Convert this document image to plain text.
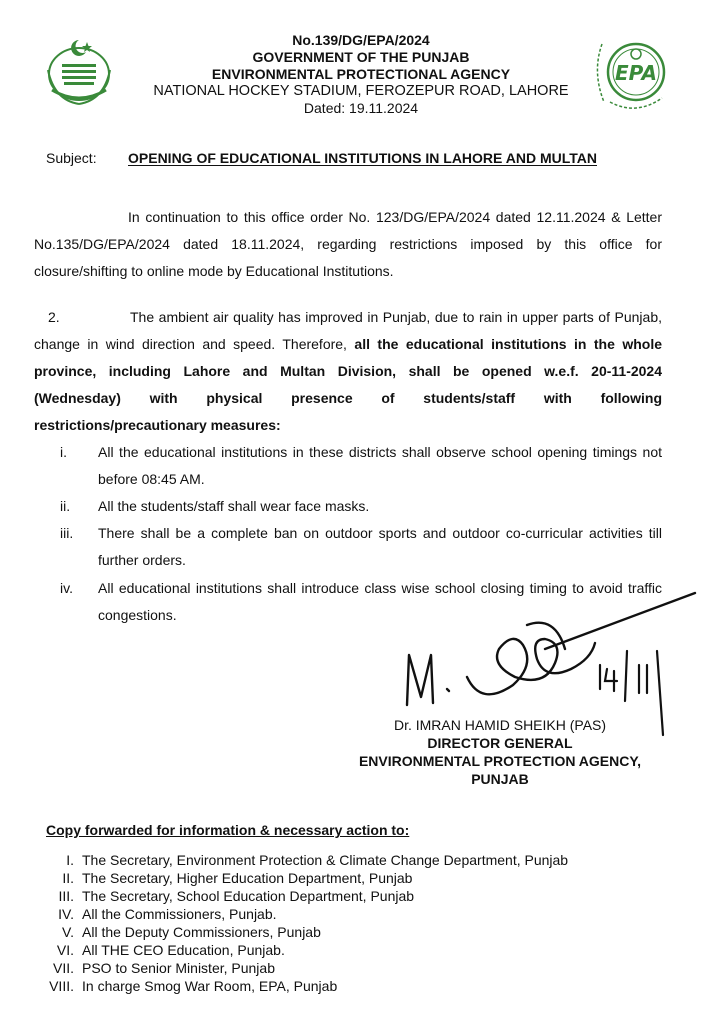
EPA
No.139/DG/EPA/2024
GOVERNMENT OF THE PUNJAB
ENVIRONMENTAL PROTECTIONAL AGENCY
NATIONAL HOCKEY STADIUM, FEROZEPUR ROAD, LAHORE
Dated: 19.11.2024
Subject: OPENING OF EDUCATIONAL INSTITUTIONS IN LAHORE AND MULTAN

In continuation to this office order No. 123/DG/EPA/2024 dated 12.11.2024 & Letter No.135/DG/EPA/2024 dated 18.11.2024, regarding restrictions imposed by this office for closure/shifting to online mode by Educational Institutions.

2.	The ambient air quality has improved in Punjab, due to rain in upper parts of Punjab, change in wind direction and speed. Therefore, all the educational institutions in the whole province, including Lahore and Multan Division, shall be opened w.e.f. 20-11-2024 (Wednesday) with physical presence of students/staff with following restrictions/precautionary measures:

i.	All the educational institutions in these districts shall observe school opening timings not before 08:45 AM.
ii.	All the students/staff shall wear face masks.
iii.	There shall be a complete ban on outdoor sports and outdoor co-curricular activities till further orders.
iv.	All educational institutions shall introduce class wise school closing timing to avoid traffic congestions.
Dr. IMRAN HAMID SHEIKH (PAS)
DIRECTOR GENERAL
ENVIRONMENTAL PROTECTION AGENCY,
PUNJAB
Copy forwarded for information & necessary action to:
I. The Secretary, Environment Protection & Climate Change Department, Punjab
II. The Secretary, Higher Education Department, Punjab
III. The Secretary, School Education Department, Punjab
IV. All the Commissioners, Punjab.
V. All the Deputy Commissioners, Punjab
VI. All THE CEO Education, Punjab.
VII. PSO to Senior Minister, Punjab
VIII. In charge Smog War Room, EPA, Punjab
